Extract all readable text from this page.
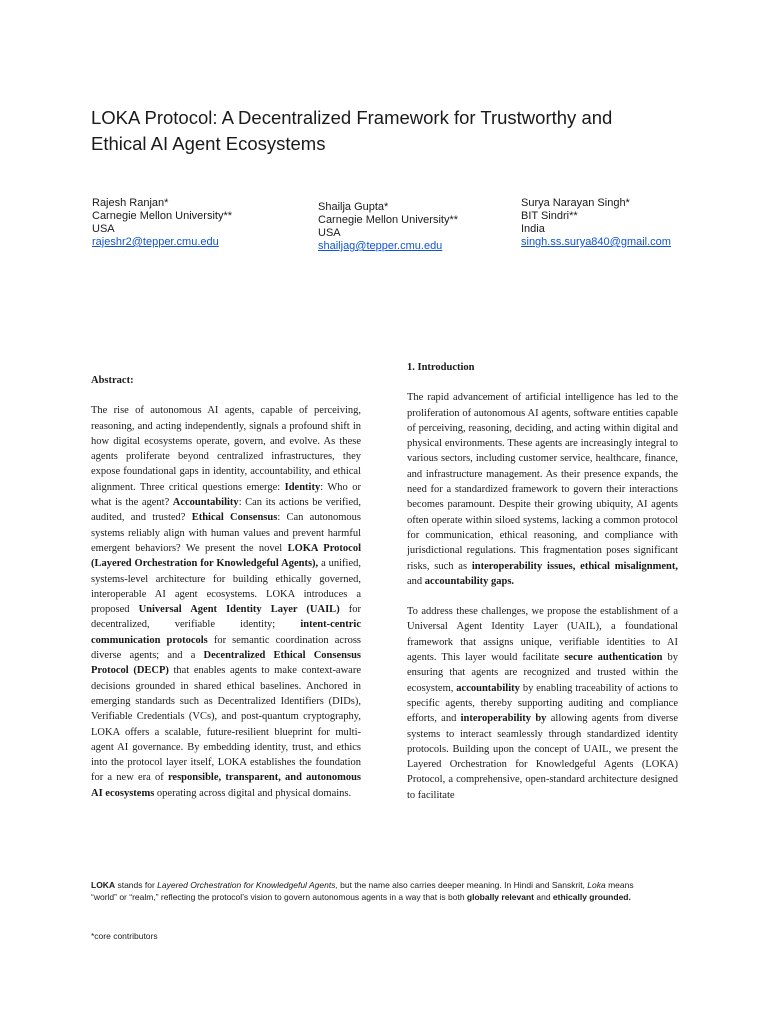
LOKA Protocol: A Decentralized Framework for Trustworthy and Ethical AI Agent Ecosystems
Rajesh Ranjan*
Carnegie Mellon University**
USA
rajeshr2@tepper.cmu.edu
Shailja Gupta*
Carnegie Mellon University**
USA
shailjag@tepper.cmu.edu
Surya Narayan Singh*
BIT Sindri**
India
singh.ss.surya840@gmail.com

Abstract:

The rise of autonomous AI agents, capable of perceiving, reasoning, and acting independently, signals a profound shift in how digital ecosystems operate, govern, and evolve. As these agents proliferate beyond centralized infrastructures, they expose foundational gaps in identity, accountability, and ethical alignment. Three critical questions emerge: Identity: Who or what is the agent? Accountability: Can its actions be verified, audited, and trusted? Ethical Consensus: Can autonomous systems reliably align with human values and prevent harmful emergent behaviors? We present the novel LOKA Protocol (Layered Orchestration for Knowledgeful Agents), a unified, systems-level architecture for building ethically governed, interoperable AI agent ecosystems. LOKA introduces a proposed Universal Agent Identity Layer (UAIL) for decentralized, verifiable identity; intent-centric communication protocols for semantic coordination across diverse agents; and a Decentralized Ethical Consensus Protocol (DECP) that enables agents to make context-aware decisions grounded in shared ethical baselines. Anchored in emerging standards such as Decentralized Identifiers (DIDs), Verifiable Credentials (VCs), and post-quantum cryptography, LOKA offers a scalable, future-resilient blueprint for multi-agent AI governance. By embedding identity, trust, and ethics into the protocol layer itself, LOKA establishes the foundation for a new era of responsible, transparent, and autonomous AI ecosystems operating across digital and physical domains.

1. Introduction

The rapid advancement of artificial intelligence has led to the proliferation of autonomous AI agents, software entities capable of perceiving, reasoning, deciding, and acting within digital and physical environments. These agents are increasingly integral to various sectors, including customer service, healthcare, finance, and infrastructure management. As their presence expands, the need for a standardized framework to govern their interactions becomes paramount. Despite their growing ubiquity, AI agents often operate within siloed systems, lacking a common protocol for communication, ethical reasoning, and compliance with jurisdictional regulations. This fragmentation poses significant risks, such as interoperability issues, ethical misalignment, and accountability gaps.

To address these challenges, we propose the establishment of a Universal Agent Identity Layer (UAIL), a foundational framework that assigns unique, verifiable identities to AI agents. This layer would facilitate secure authentication by ensuring that agents are recognized and trusted within the ecosystem, accountability by enabling traceability of actions to specific agents, thereby supporting auditing and compliance efforts, and interoperability by allowing agents from diverse systems to interact seamlessly through standardized identity protocols. Building upon the concept of UAIL, we present the Layered Orchestration for Knowledgeful Agents (LOKA) Protocol, a comprehensive, open-standard architecture designed to facilitate

LOKA stands for Layered Orchestration for Knowledgeful Agents, but the name also carries deeper meaning. In Hindi and Sanskrit, Loka means “world” or “realm,” reflecting the protocol’s vision to govern autonomous agents in a way that is both globally relevant and ethically grounded.
*core contributors
